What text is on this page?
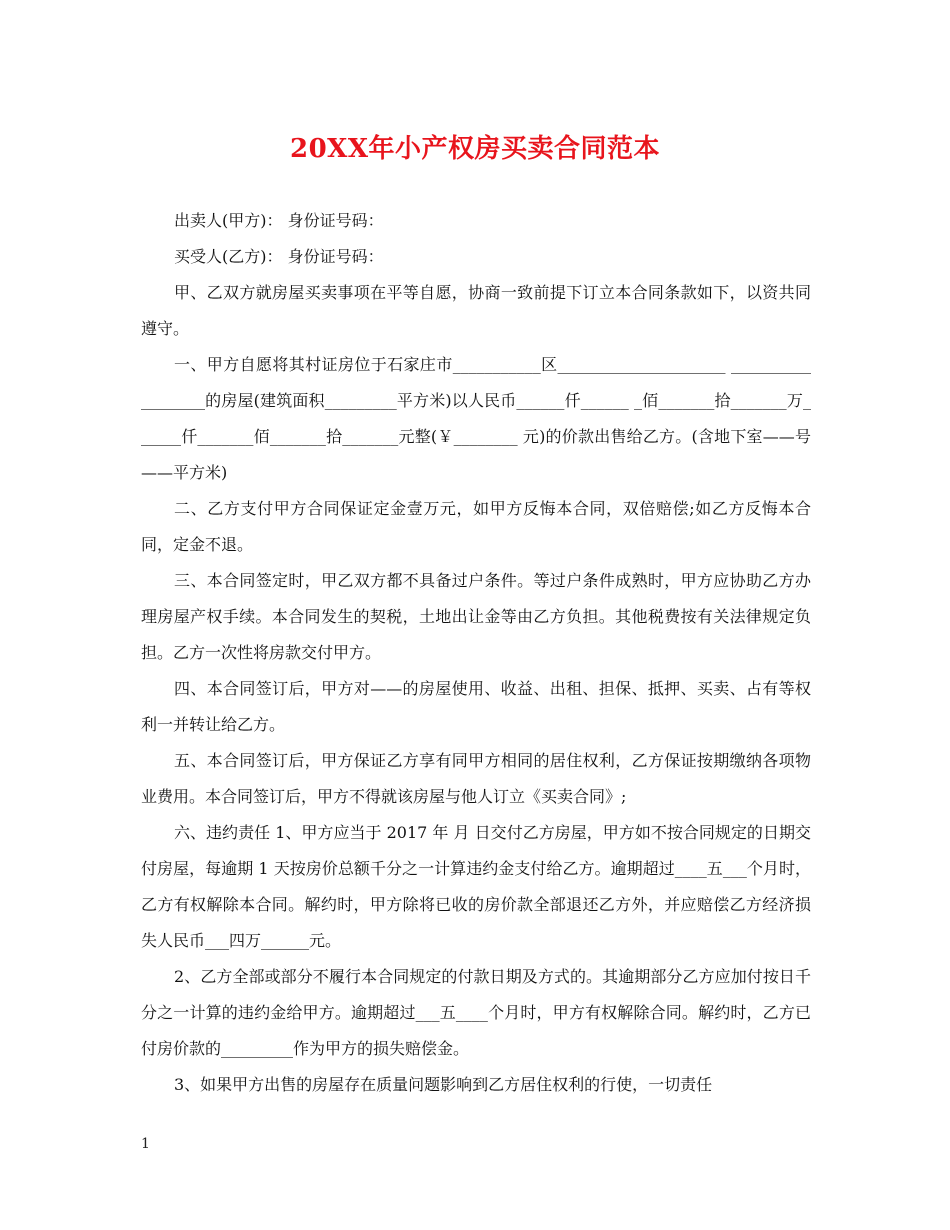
20XX年小产权房买卖合同范本

出卖人(甲方)： 身份证号码：

买受人(乙方)： 身份证号码：

甲、乙双方就房屋买卖事项在平等自愿，协商一致前提下订立本合同条款如下，以资共同遵守。

一、甲方自愿将其村证房位于石家庄市___________区_____________________ __________________的房屋(建筑面积_________平方米)以人民币______仟______ _佰_______拾_______万______仟_______佰_______拾_______元整(￥________ 元)的价款出售给乙方。(含地下室——号——平方米)

二、乙方支付甲方合同保证定金壹万元，如甲方反悔本合同，双倍赔偿;如乙方反悔本合同，定金不退。

三、本合同签定时，甲乙双方都不具备过户条件。等过户条件成熟时，甲方应协助乙方办理房屋产权手续。本合同发生的契税，土地出让金等由乙方负担。其他税费按有关法律规定负担。乙方一次性将房款交付甲方。

四、本合同签订后，甲方对——的房屋使用、收益、出租、担保、抵押、买卖、占有等权利一并转让给乙方。

五、本合同签订后，甲方保证乙方享有同甲方相同的居住权利，乙方保证按期缴纳各项物业费用。本合同签订后，甲方不得就该房屋与他人订立《买卖合同》;

六、违约责任 1、甲方应当于 2017 年 月 日交付乙方房屋，甲方如不按合同规定的日期交付房屋，每逾期 1 天按房价总额千分之一计算违约金支付给乙方。逾期超过____五___个月时，乙方有权解除本合同。解约时，甲方除将已收的房价款全部退还乙方外，并应赔偿乙方经济损失人民币___四万______元。

2、乙方全部或部分不履行本合同规定的付款日期及方式的。其逾期部分乙方应加付按日千分之一计算的违约金给甲方。逾期超过___五____个月时，甲方有权解除合同。解约时，乙方已付房价款的_________作为甲方的损失赔偿金。

3、如果甲方出售的房屋存在质量问题影响到乙方居住权利的行使，一切责任

1
